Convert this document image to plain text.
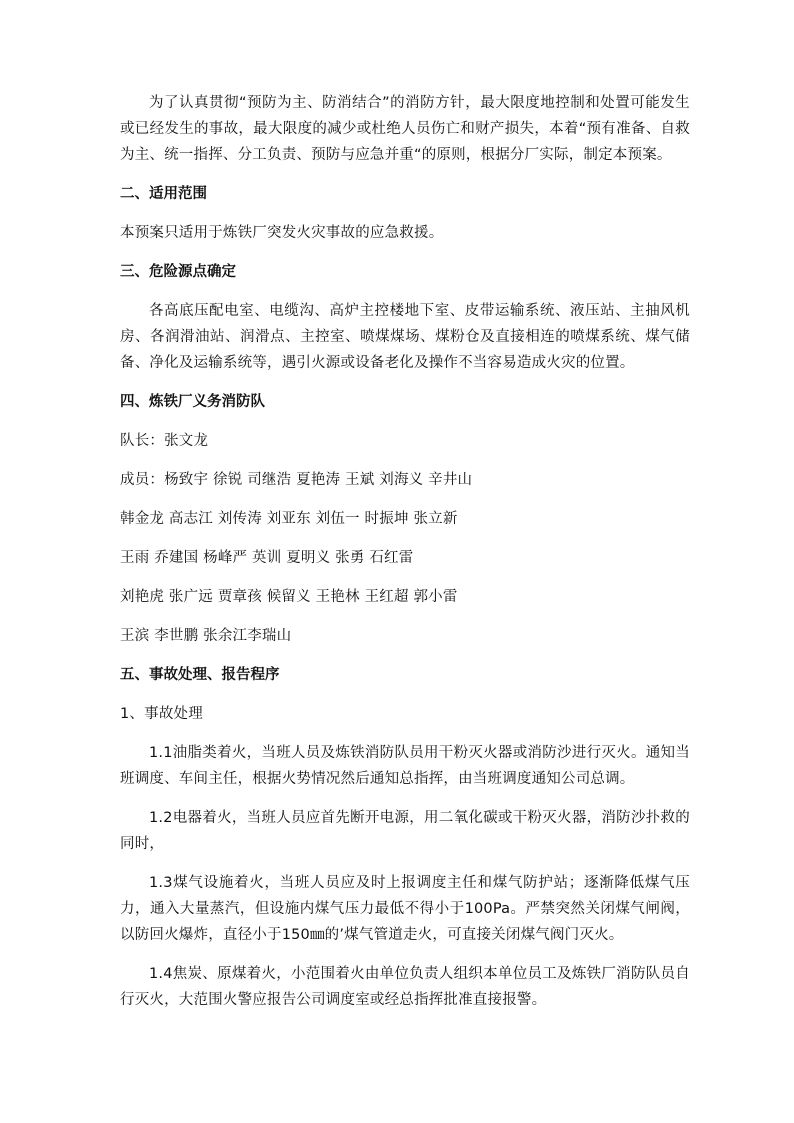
为了认真贯彻“预防为主、防消结合”的消防方针，最大限度地控制和处置可能发生或已经发生的事故，最大限度的减少或杜绝人员伤亡和财产损失，本着“预有准备、自救为主、统一指挥、分工负责、预防与应急并重“的原则，根据分厂实际，制定本预案。

二、适用范围

本预案只适用于炼铁厂突发火灾事故的应急救援。

三、危险源点确定

各高底压配电室、电缆沟、高炉主控楼地下室、皮带运输系统、液压站、主抽风机房、各润滑油站、润滑点、主控室、喷煤煤场、煤粉仓及直接相连的喷煤系统、煤气储备、净化及运输系统等，遇引火源或设备老化及操作不当容易造成火灾的位置。

四、炼铁厂义务消防队

队长：张文龙

成员：杨致宇 徐锐 司继浩 夏艳涛 王斌 刘海义 辛井山

韩金龙 高志江 刘传涛 刘亚东 刘伍一 时振坤 张立新

王雨 乔建国 杨峰严 英训 夏明义 张勇 石红雷

刘艳虎 张广远 贾章孩 候留义 王艳林 王红超 郭小雷

王滨 李世鹏 张余江李瑞山

五、事故处理、报告程序

1、事故处理

1.1油脂类着火，当班人员及炼铁消防队员用干粉灭火器或消防沙进行灭火。通知当班调度、车间主任，根据火势情况然后通知总指挥，由当班调度通知公司总调。

1.2电器着火，当班人员应首先断开电源，用二氧化碳或干粉灭火器，消防沙扑救的同时，

1.3煤气设施着火，当班人员应及时上报调度主任和煤气防护站；逐渐降低煤气压力，通入大量蒸汽，但设施内煤气压力最低不得小于100Pa。严禁突然关闭煤气闸阀，以防回火爆炸，直径小于150㎜的’煤气管道走火，可直接关闭煤气阀门灭火。

1.4焦炭、原煤着火，小范围着火由单位负责人组织本单位员工及炼铁厂消防队员自行灭火，大范围火警应报告公司调度室或经总指挥批准直接报警。
